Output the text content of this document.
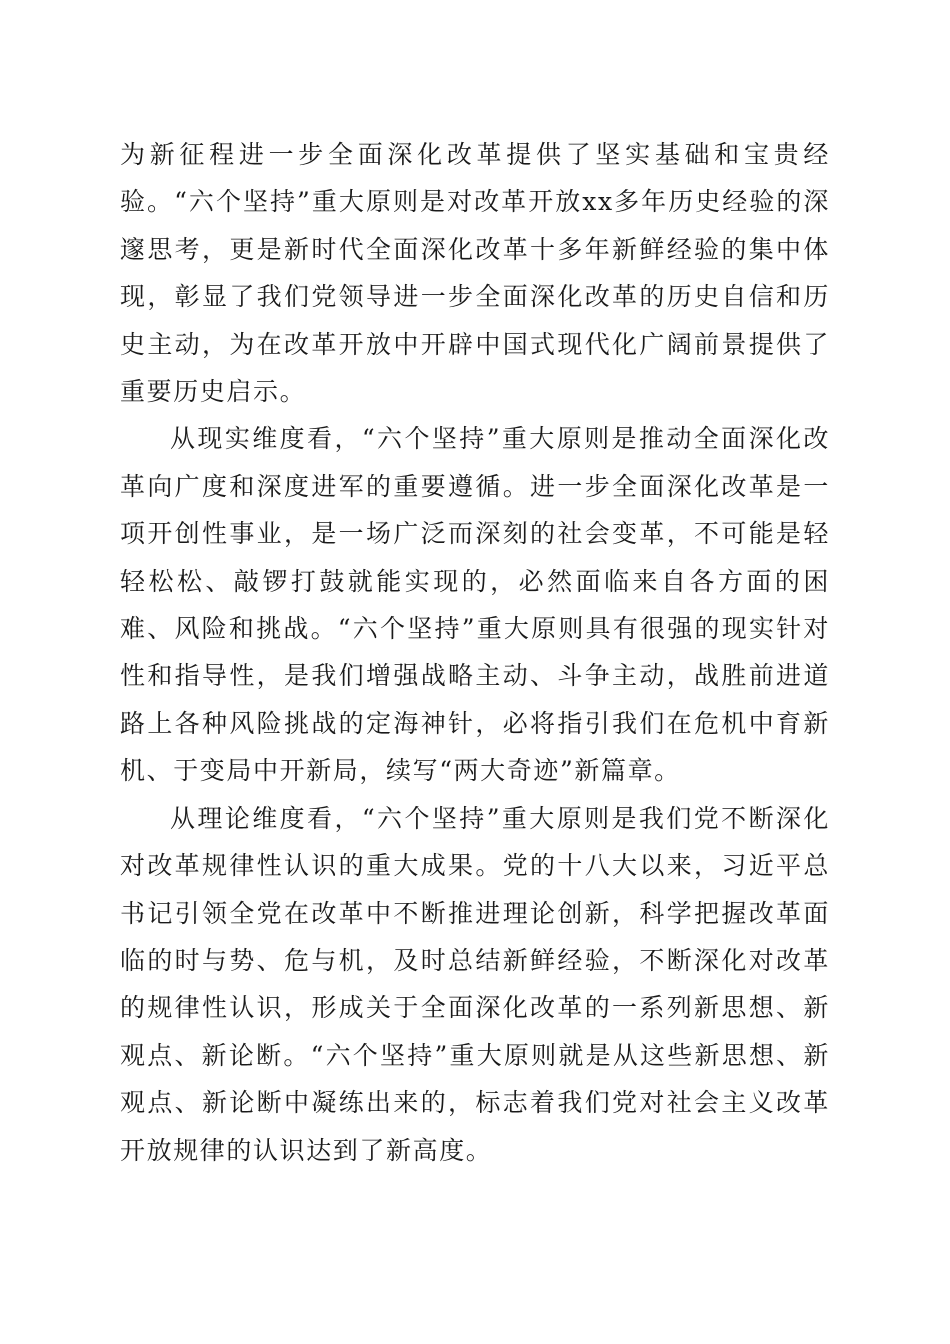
为新征程进一步全面深化改革提供了坚实基础和宝贵经验。“六个坚持”重大原则是对改革开放xx多年历史经验的深邃思考，更是新时代全面深化改革十多年新鲜经验的集中体现，彰显了我们党领导进一步全面深化改革的历史自信和历史主动，为在改革开放中开辟中国式现代化广阔前景提供了重要历史启示。

从现实维度看，“六个坚持”重大原则是推动全面深化改革向广度和深度进军的重要遵循。进一步全面深化改革是一项开创性事业，是一场广泛而深刻的社会变革，不可能是轻轻松松、敲锣打鼓就能实现的，必然面临来自各方面的困难、风险和挑战。“六个坚持”重大原则具有很强的现实针对性和指导性，是我们增强战略主动、斗争主动，战胜前进道路上各种风险挑战的定海神针，必将指引我们在危机中育新机、于变局中开新局，续写“两大奇迹”新篇章。

从理论维度看，“六个坚持”重大原则是我们党不断深化对改革规律性认识的重大成果。党的十八大以来，习近平总书记引领全党在改革中不断推进理论创新，科学把握改革面临的时与势、危与机，及时总结新鲜经验，不断深化对改革的规律性认识，形成关于全面深化改革的一系列新思想、新观点、新论断。“六个坚持”重大原则就是从这些新思想、新观点、新论断中凝练出来的，标志着我们党对社会主义改革开放规律的认识达到了新高度。
